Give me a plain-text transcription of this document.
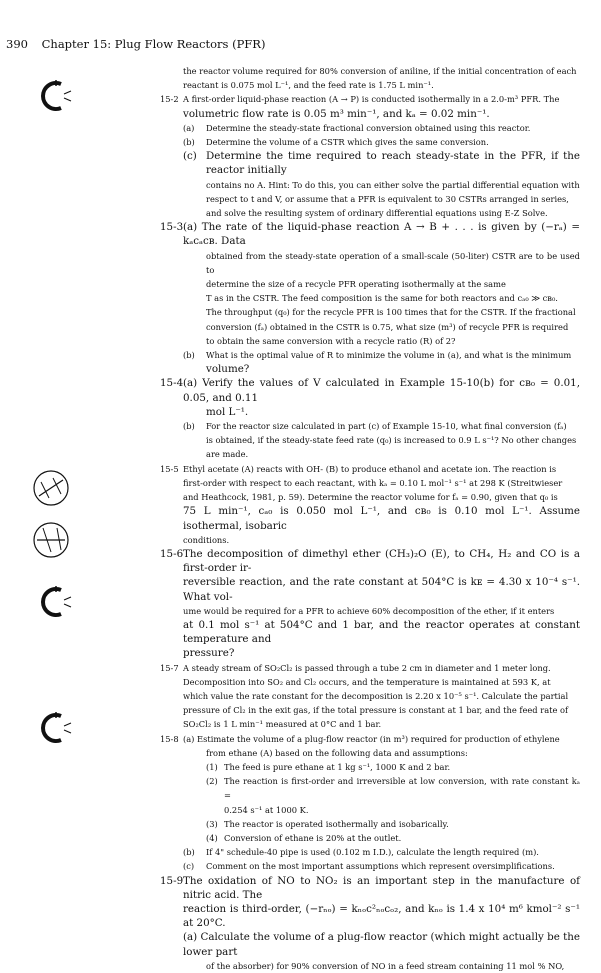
390 Chapter 15: Plug Flow Reactors (PFR)

the reactor volume required for 80% conversion of aniline, if the initial concentration of each

reactant is 0.075 mol L⁻¹, and the feed rate is 1.75 L min⁻¹.

15-2 A first-order liquid-phase reaction (A → P) is conducted isothermally in a 2.0-m³ PFR. The

volumetric flow rate is 0.05 m³ min⁻¹, and kₐ = 0.02 min⁻¹.

(a) Determine the steady-state fractional conversion obtained using this reactor.

(b) Determine the volume of a CSTR which gives the same conversion.

(c) Determine the time required to reach steady-state in the PFR, if the reactor initially

contains no A. Hint: To do this, you can either solve the partial differential equation with

respect to t and V, or assume that a PFR is equivalent to 30 CSTRs arranged in series,

and solve the resulting system of ordinary differential equations using E-Z Solve.

15-3 (a) The rate of the liquid-phase reaction A → B + . . . is given by (−rₐ) = kₐcₐcʙ. Data

obtained from the steady-state operation of a small-scale (50-liter) CSTR are to be used to

determine the size of a recycle PFR operating isothermally at the same

T as in the CSTR. The feed composition is the same for both reactors and cₐ₀ ≫ cʙ₀.

The throughput (q₀) for the recycle PFR is 100 times that for the CSTR. If the fractional

conversion (fₐ) obtained in the CSTR is 0.75, what size (m³) of recycle PFR is required

to obtain the same conversion with a recycle ratio (R) of 2?

(b) What is the optimal value of R to minimize the volume in (a), and what is the minimum

volume?

15-4 (a) Verify the values of V calculated in Example 15-10(b) for cʙ₀ = 0.01, 0.05, and 0.11

mol L⁻¹.

(b) For the reactor size calculated in part (c) of Example 15-10, what final conversion (fₐ)

is obtained, if the steady-state feed rate (q₀) is increased to 0.9 L s⁻¹? No other changes

are made.

15-5 Ethyl acetate (A) reacts with OH- (B) to produce ethanol and acetate ion. The reaction is

first-order with respect to each reactant, with kₐ = 0.10 L mol⁻¹ s⁻¹ at 298 K (Streitwieser

and Heathcock, 1981, p. 59). Determine the reactor volume for fₐ = 0.90, given that q₀ is

75 L min⁻¹, cₐ₀ is 0.050 mol L⁻¹, and cʙ₀ is 0.10 mol L⁻¹. Assume isothermal, isobaric

conditions.

15-6 The decomposition of dimethyl ether (CH₃)₂O (E), to CH₄, H₂ and CO is a first-order ir-

reversible reaction, and the rate constant at 504°C is kᴇ = 4.30 x 10⁻⁴ s⁻¹. What vol-

ume would be required for a PFR to achieve 60% decomposition of the ether, if it enters

at 0.1 mol s⁻¹ at 504°C and 1 bar, and the reactor operates at constant temperature and

pressure?

15-7 A steady stream of SO₂Cl₂ is passed through a tube 2 cm in diameter and 1 meter long.

Decomposition into SO₂ and Cl₂ occurs, and the temperature is maintained at 593 K, at

which value the rate constant for the decomposition is 2.20 x 10⁻⁵ s⁻¹. Calculate the partial

pressure of Cl₂ in the exit gas, if the total pressure is constant at 1 bar, and the feed rate of

SO₂Cl₂ is 1 L min⁻¹ measured at 0°C and 1 bar.

15-8 (a) Estimate the volume of a plug-flow reactor (in m³) required for production of ethylene

from ethane (A) based on the following data and assumptions:

(1) The feed is pure ethane at 1 kg s⁻¹, 1000 K and 2 bar.

(2) The reaction is first-order and irreversible at low conversion, with rate constant kₐ =

0.254 s⁻¹ at 1000 K.

(3) The reactor is operated isothermally and isobarically.

(4) Conversion of ethane is 20% at the outlet.

(b) If 4" schedule-40 pipe is used (0.102 m I.D.), calculate the length required (m).

(c) Comment on the most important assumptions which represent oversimplifications.

15-9 The oxidation of NO to NO₂ is an important step in the manufacture of nitric acid. The

reaction is third-order, (−rₙₒ) = kₙₒc²ₙₒcₒ₂, and kₙₒ is 1.4 x 10⁴ m⁶ kmol⁻² s⁻¹ at 20°C.

(a) Calculate the volume of a plug-flow reactor (which might actually be the lower part

of the absorber) for 90% conversion of NO in a feed stream containing 11 mol % NO,
